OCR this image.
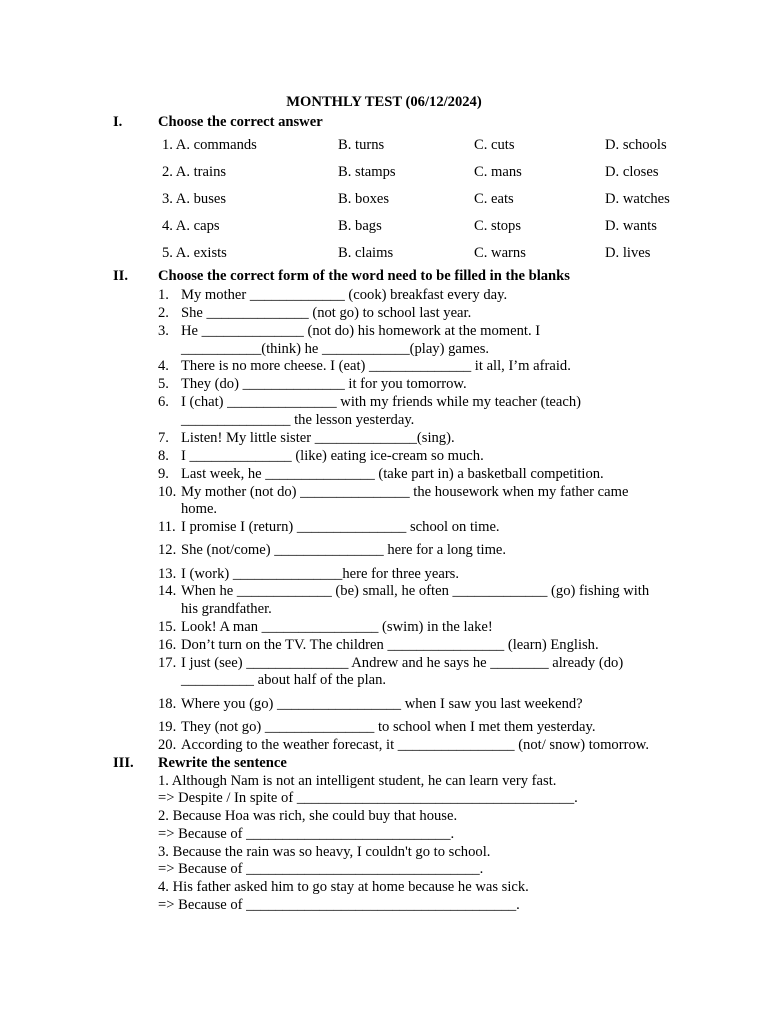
MONTHLY TEST (06/12/2024)
I. Choose the correct answer
1. A. commands	B. turns	C. cuts	D. schools
2. A. trains	B. stamps	C. mans	D. closes
3. A. buses	B. boxes	C. eats	D. watches
4. A. caps	B. bags	C. stops	D. wants
5. A. exists	B. claims	C. warns	D. lives
II. Choose the correct form of the word need to be filled in the blanks
1. My mother _____________ (cook) breakfast every day.
2. She ______________ (not go) to school last year.
3. He ______________ (not do) his homework at the moment. I
___________(think) he ____________(play) games.
4. There is no more cheese. I (eat) ______________ it all, I’m afraid.
5. They (do) ______________ it for you tomorrow.
6. I (chat) _______________ with my friends while my teacher (teach)
_______________ the lesson yesterday.
7. Listen! My little sister ______________(sing).
8. I ______________ (like) eating ice-cream so much.
9. Last week, he _______________ (take part in) a basketball competition.
10. My mother (not do) _______________ the housework when my father came
home.
11. I promise I (return) _______________ school on time.
12. She (not/come) _______________ here for a long time.
13. I (work) _______________here for three years.
14. When he _____________ (be) small, he often _____________ (go) fishing with
his grandfather.
15. Look! A man ________________ (swim) in the lake!
16. Don’t turn on the TV. The children ________________ (learn) English.
17. I just (see) ______________ Andrew and he says he ________ already (do)
__________ about half of the plan.
18. Where you (go) _________________ when I saw you last weekend?
19. They (not go) _______________ to school when I met them yesterday.
20. According to the weather forecast, it ________________ (not/ snow) tomorrow.
III. Rewrite the sentence
1. Although Nam is not an intelligent student, he can learn very fast.
=> Despite / In spite of ______________________________________.
2. Because Hoa was rich, she could buy that house.
=> Because of ____________________________.
3. Because the rain was so heavy, I couldn't go to school.
=> Because of ________________________________.
4. His father asked him to go stay at home because he was sick.
=> Because of _____________________________________.
